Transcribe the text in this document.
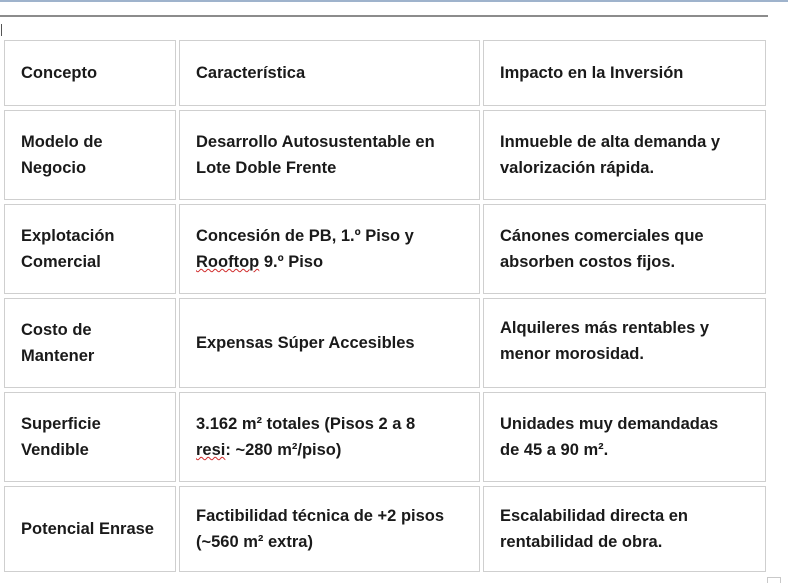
Concepto	Característica	Impacto en la Inversión
Modelo de
Negocio
Desarrollo Autosustentable en
Lote Doble Frente
Inmueble de alta demanda y
valorización rápida.
Explotación
Comercial
Concesión de PB, 1.º Piso y
Rooftop 9.º Piso
Cánones comerciales que
absorben costos fijos.
Costo de
Mantener
Expensas Súper Accesibles
Alquileres más rentables y
menor morosidad.
Superficie
Vendible
3.162 m² totales (Pisos 2 a 8
resi: ~280 m²/piso)
Unidades muy demandadas
de 45 a 90 m².
Potencial Enrase
Factibilidad técnica de +2 pisos
(~560 m² extra)
Escalabilidad directa en
rentabilidad de obra.
